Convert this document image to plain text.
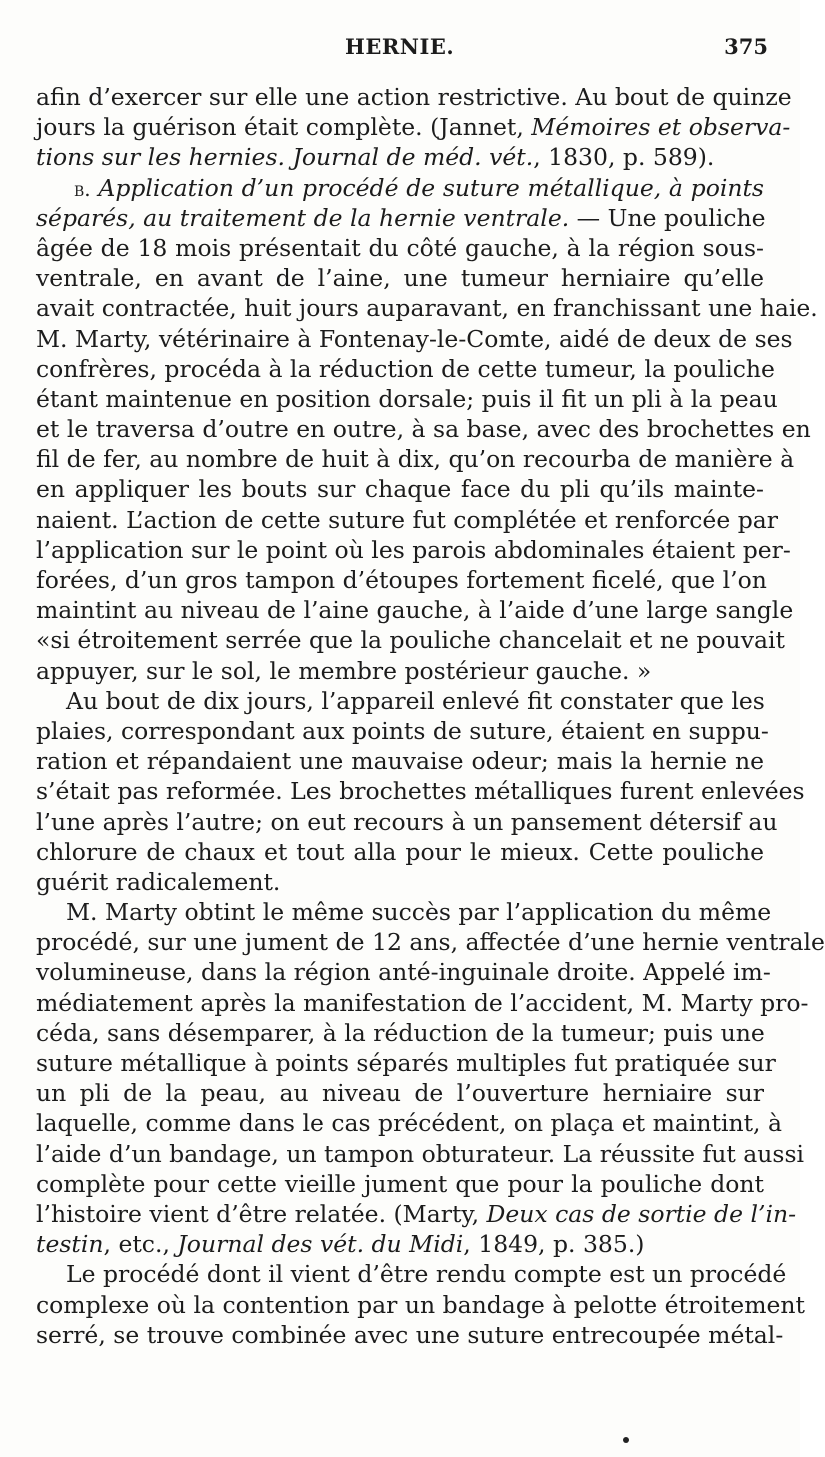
HERNIE.	375
afin d’exercer sur elle une action restrictive. Au bout de quinze
jours la guérison était complète. (Jannet, Mémoires et observa-
tions sur les hernies. Journal de méd. vét., 1830, p. 589).
b. Application d’un procédé de suture métallique, à points
séparés, au traitement de la hernie ventrale. — Une pouliche
âgée de 18 mois présentait du côté gauche, à la région sous-
ventrale, en avant de l’aine, une tumeur herniaire qu’elle
avait contractée, huit jours auparavant, en franchissant une haie.
M. Marty, vétérinaire à Fontenay-le-Comte, aidé de deux de ses
confrères, procéda à la réduction de cette tumeur, la pouliche
étant maintenue en position dorsale; puis il fit un pli à la peau
et le traversa d’outre en outre, à sa base, avec des brochettes en
fil de fer, au nombre de huit à dix, qu’on recourba de manière à
en appliquer les bouts sur chaque face du pli qu’ils mainte-
naient. L’action de cette suture fut complétée et renforcée par
l’application sur le point où les parois abdominales étaient per-
forées, d’un gros tampon d’étoupes fortement ficelé, que l’on
maintint au niveau de l’aine gauche, à l’aide d’une large sangle
«si étroitement serrée que la pouliche chancelait et ne pouvait
appuyer, sur le sol, le membre postérieur gauche. »
Au bout de dix jours, l’appareil enlevé fit constater que les
plaies, correspondant aux points de suture, étaient en suppu-
ration et répandaient une mauvaise odeur; mais la hernie ne
s’était pas reformée. Les brochettes métalliques furent enlevées
l’une après l’autre; on eut recours à un pansement détersif au
chlorure de chaux et tout alla pour le mieux. Cette pouliche
guérit radicalement.
M. Marty obtint le même succès par l’application du même
procédé, sur une jument de 12 ans, affectée d’une hernie ventrale
volumineuse, dans la région anté-inguinale droite. Appelé im-
médiatement après la manifestation de l’accident, M. Marty pro-
céda, sans désemparer, à la réduction de la tumeur; puis une
suture métallique à points séparés multiples fut pratiquée sur
un pli de la peau, au niveau de l’ouverture herniaire sur
laquelle, comme dans le cas précédent, on plaça et maintint, à
l’aide d’un bandage, un tampon obturateur. La réussite fut aussi
complète pour cette vieille jument que pour la pouliche dont
l’histoire vient d’être relatée. (Marty, Deux cas de sortie de l’in-
testin, etc., Journal des vét. du Midi, 1849, p. 385.)
Le procédé dont il vient d’être rendu compte est un procédé
complexe où la contention par un bandage à pelotte étroitement
serré, se trouve combinée avec une suture entrecoupée métal-
